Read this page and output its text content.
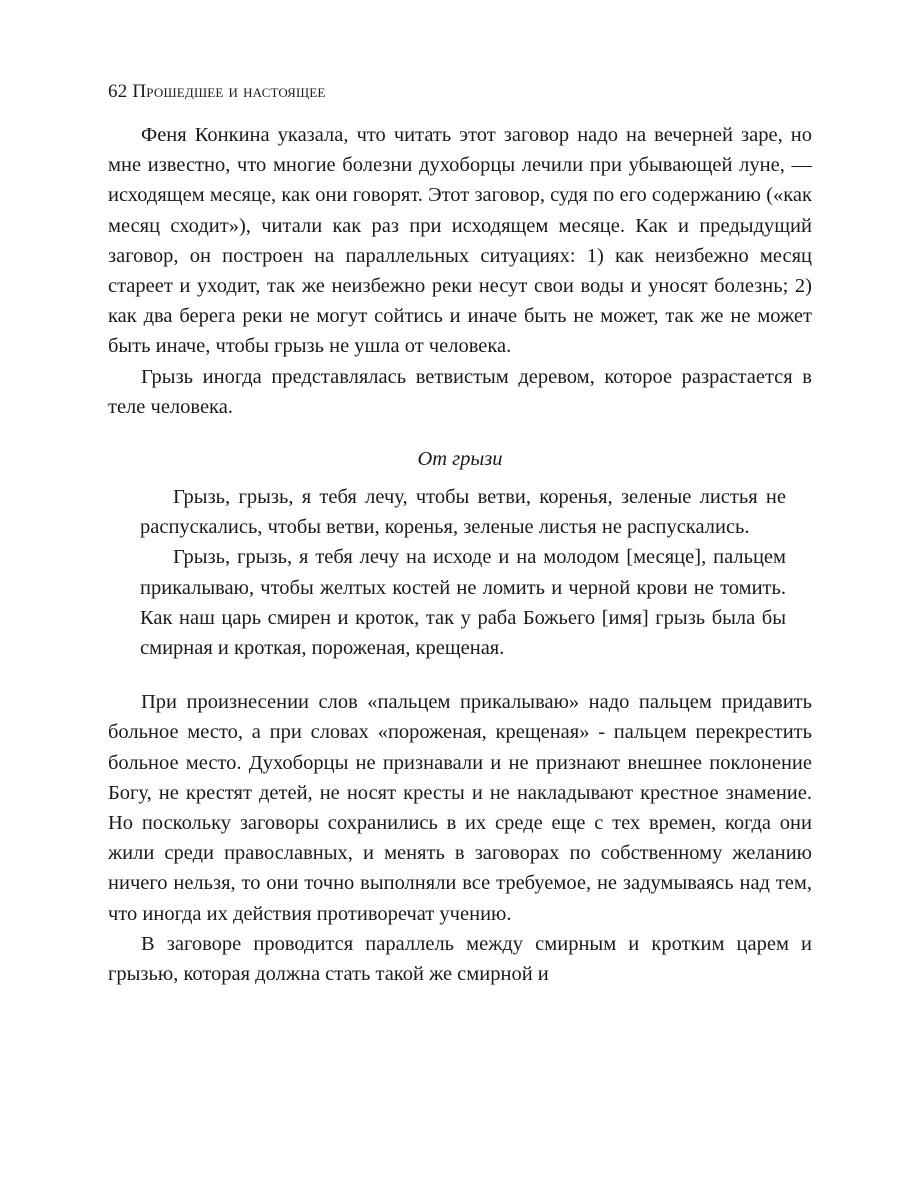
62 Прошедшее и настоящее

Феня Конкина указала, что читать этот заговор надо на вечерней заре, но мне известно, что многие болезни духоборцы лечили при убывающей луне, — исходящем месяце, как они говорят. Этот заговор, судя по его содержанию («как месяц сходит»), читали как раз при исходящем месяце. Как и предыдущий заговор, он построен на параллельных ситуациях: 1) как неизбежно месяц стареет и уходит, так же неизбежно реки несут свои воды и уносят болезнь; 2) как два берега реки не могут сойтись и иначе быть не может, так же не может быть иначе, чтобы грызь не ушла от человека.

Грызь иногда представлялась ветвистым деревом, которое разрастается в теле человека.

От грызи

Грызь, грызь, я тебя лечу, чтобы ветви, коренья, зеленые листья не распускались, чтобы ветви, коренья, зеленые листья не распускались.

Грызь, грызь, я тебя лечу на исходе и на молодом [месяце], пальцем прикалываю, чтобы желтых костей не ломить и черной крови не томить. Как наш царь смирен и кроток, так у раба Божьего [имя] грызь была бы смирная и кроткая, пороженая, крещеная.

При произнесении слов «пальцем прикалываю» надо пальцем придавить больное место, а при словах «пороженая, крещеная» - пальцем перекрестить больное место. Духоборцы не признавали и не признают внешнее поклонение Богу, не крестят детей, не носят кресты и не накладывают крестное знамение. Но поскольку заговоры сохранились в их среде еще с тех времен, когда они жили среди православных, и менять в заговорах по собственному желанию ничего нельзя, то они точно выполняли все требуемое, не задумываясь над тем, что иногда их действия противоречат учению.

В заговоре проводится параллель между смирным и кротким царем и грызью, которая должна стать такой же смирной и
